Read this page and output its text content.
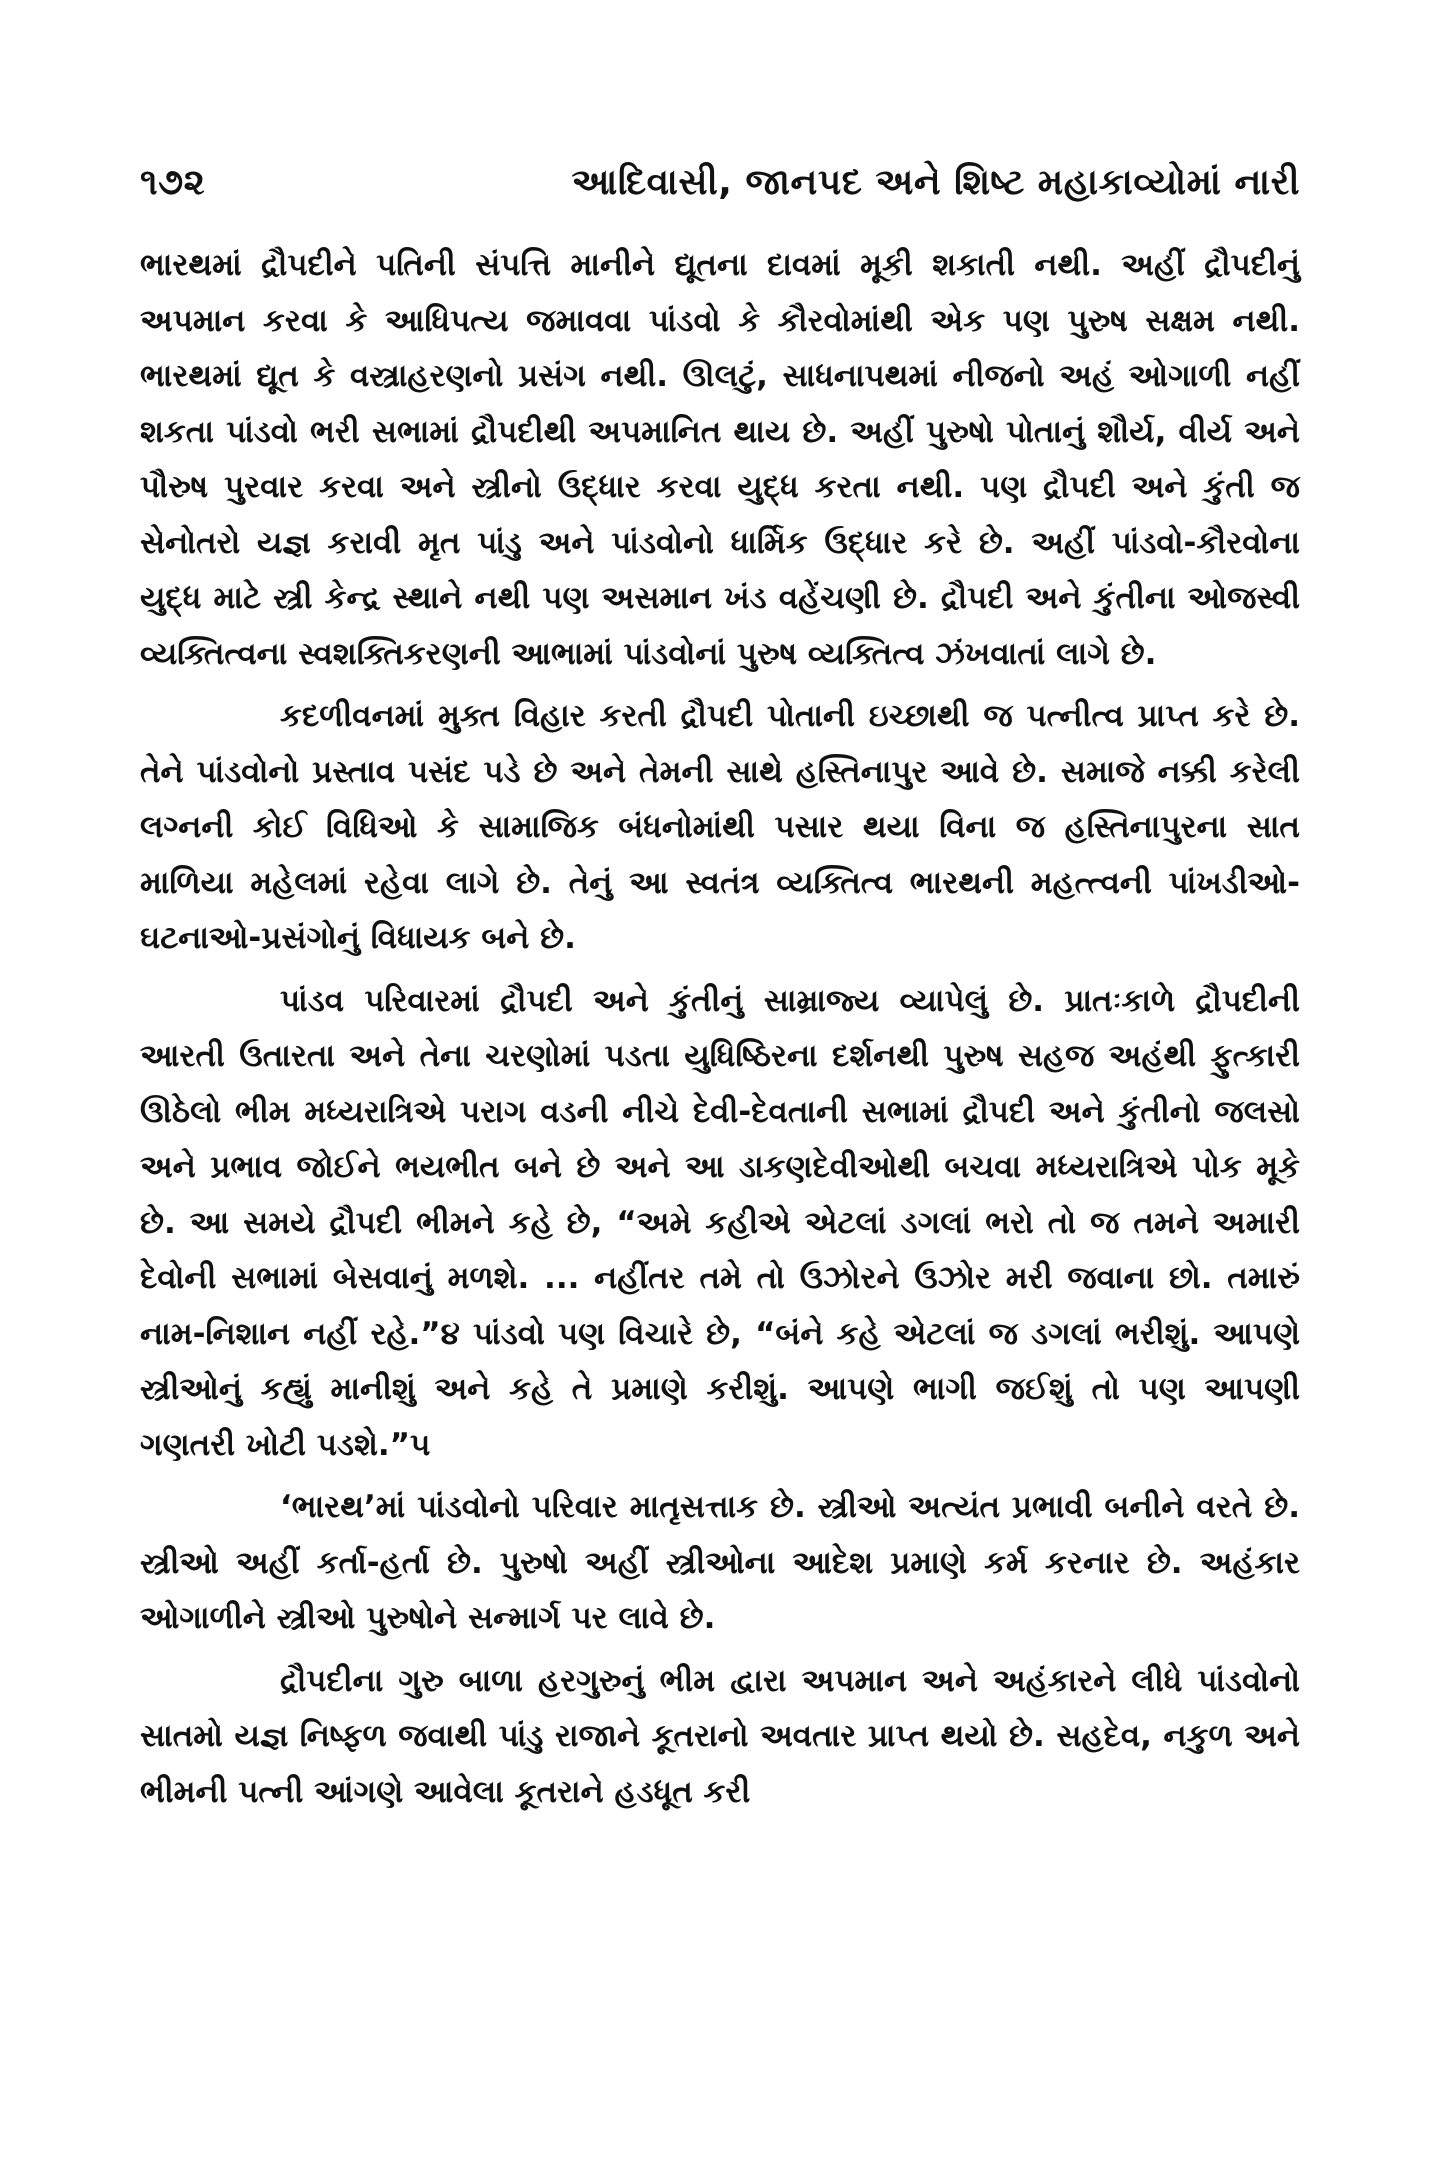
૧૭૨	આદિવાસી, જાનપદ અને શિષ્ટ મહાકાવ્યોમાં નારી

ભારથમાં દ્રૌપદીને પતિની સંપત્તિ માનીને દ્યૂતના દાવમાં મૂકી શકાતી નથી. અહીં દ્રૌપદીનું અપમાન કરવા કે આધિપત્ય જમાવવા પાંડવો કે કૌરવોમાંથી એક પણ પુરુષ સક્ષમ નથી. ભારથમાં દ્યૂત કે વસ્ત્રાહરણનો પ્રસંગ નથી. ઊલટું, સાધનાપથમાં નીજનો અહં ઓગાળી નહીં શકતા પાંડવો ભરી સભામાં દ્રૌપદીથી અપમાનિત થાય છે. અહીં પુરુષો પોતાનું શૌર્ય, વીર્ય અને પૌરુષ પુરવાર કરવા અને સ્ત્રીનો ઉદ્ધાર કરવા યુદ્ધ કરતા નથી. પણ દ્રૌપદી અને કુંતી જ સેનોતરો યજ્ઞ કરાવી મૃત પાંડુ અને પાંડવોનો ધાર્મિક ઉદ્ધાર કરે છે. અહીં પાંડવો-કૌરવોના યુદ્ધ માટે સ્ત્રી કેન્દ્ર સ્થાને નથી પણ અસમાન ખંડ વહેંચણી છે. દ્રૌપદી અને કુંતીના ઓજસ્વી વ્યક્તિત્વના સ્વશક્તિકરણની આભામાં પાંડવોનાં પુરુષ વ્યક્તિત્વ ઝંખવાતાં લાગે છે.

કદળીવનમાં મુક્ત વિહાર કરતી દ્રૌપદી પોતાની ઇચ્છાથી જ પત્નીત્વ પ્રાપ્ત કરે છે. તેને પાંડવોનો પ્રસ્તાવ પસંદ પડે છે અને તેમની સાથે હસ્તિનાપુર આવે છે. સમાજે નક્કી કરેલી લગ્નની કોઈ વિધિઓ કે સામાજિક બંધનોમાંથી પસાર થયા વિના જ હસ્તિનાપુરના સાત માળિયા મહેલમાં રહેવા લાગે છે. તેનું આ સ્વતંત્ર વ્યક્તિત્વ ભારથની મહત્ત્વની પાંખડીઓ-ઘટનાઓ-પ્રસંગોનું વિધાયક બને છે.

પાંડવ પરિવારમાં દ્રૌપદી અને કુંતીનું સામ્રાજ્ય વ્યાપેલું છે. પ્રાતઃકાળે દ્રૌપદીની આરતી ઉતારતા અને તેના ચરણોમાં પડતા યુધિષ્ઠિરના દર્શનથી પુરુષ સહજ અહંથી ફુત્કારી ઊઠેલો ભીમ મધ્યરાત્રિએ પરાગ વડની નીચે દેવી-દેવતાની સભામાં દ્રૌપદી અને કુંતીનો જલસો અને પ્રભાવ જોઈને ભયભીત બને છે અને આ ડાકણદેવીઓથી બચવા મધ્યરાત્રિએ પોક મૂકે છે. આ સમયે દ્રૌપદી ભીમને કહે છે, “અમે કહીએ એટલાં ડગલાં ભરો તો જ તમને અમારી દેવોની સભામાં બેસવાનું મળશે. ... નહીંતર તમે તો ઉઝોરને ઉઝોર મરી જવાના છો. તમારું નામ-નિશાન નહીં રહે.”૪ પાંડવો પણ વિચારે છે, “બંને કહે એટલાં જ ડગલાં ભરીશું. આપણે સ્ત્રીઓનું કહ્યું માનીશું અને કહે તે પ્રમાણે કરીશું. આપણે ભાગી જઈશું તો પણ આપણી ગણતરી ખોટી પડશે.”૫

‘ભારથ’માં પાંડવોનો પરિવાર માતૃસત્તાક છે. સ્ત્રીઓ અત્યંત પ્રભાવી બનીને વરતે છે. સ્ત્રીઓ અહીં કર્તા-હર્તા છે. પુરુષો અહીં સ્ત્રીઓના આદેશ પ્રમાણે કર્મ કરનાર છે. અહંકાર ઓગાળીને સ્ત્રીઓ પુરુષોને સન્માર્ગ પર લાવે છે.

દ્રૌપદીના ગુરુ બાળા હરગુરુનું ભીમ દ્વારા અપમાન અને અહંકારને લીધે પાંડવોનો સાતમો યજ્ઞ નિષ્ફળ જવાથી પાંડુ રાજાને કૂતરાનો અવતાર પ્રાપ્ત થયો છે. સહદેવ, નકુળ અને ભીમની પત્ની આંગણે આવેલા કૂતરાને હડધૂત કરી
